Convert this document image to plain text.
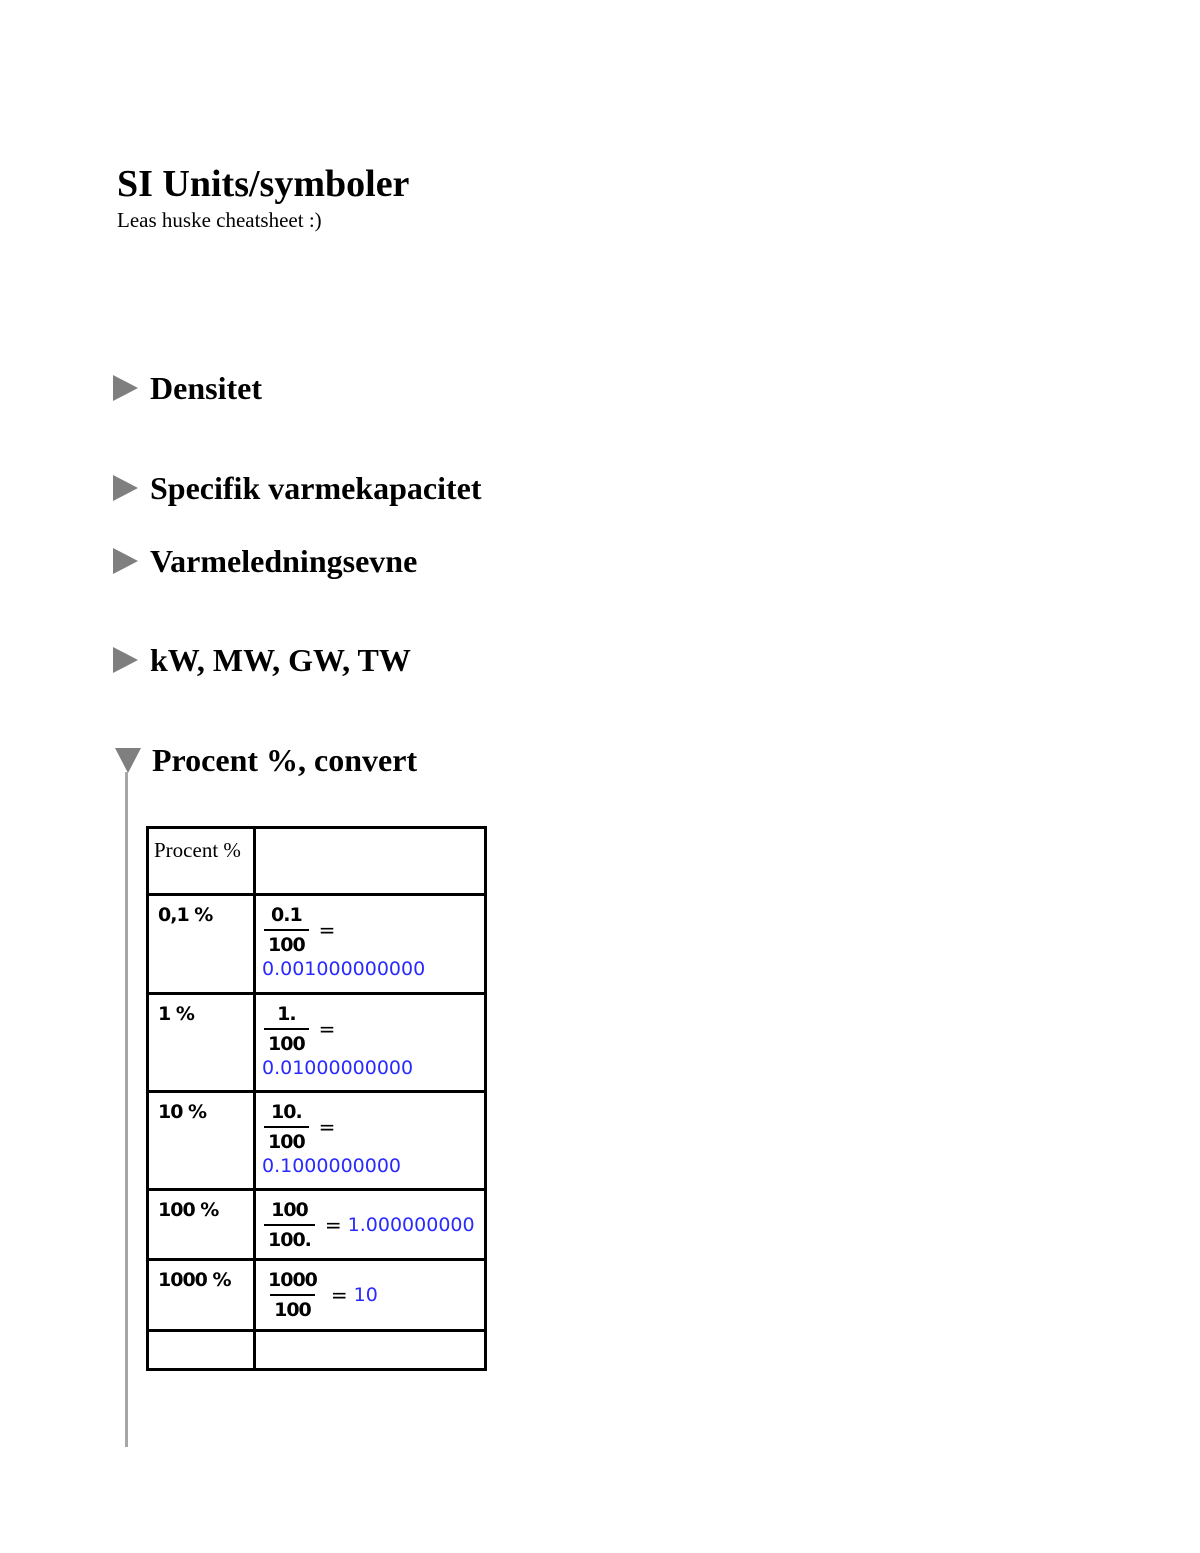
SI Units/symboler
Leas huske cheatsheet :)
Densitet
Specifik varmekapacitet
Varmeledningsevne
kW, MW, GW, TW
Procent %, convert
Procent %	

0,1 %	$\frac{0.1}{100}$ =
0.001000000000

1 %	$\frac{1.}{100}$ =
0.01000000000

10 %	$\frac{10.}{100}$ =
0.1000000000

100 %	$\frac{100}{100.} = 1.000000000$

1000 %	$\frac{1000}{100} = 10$
